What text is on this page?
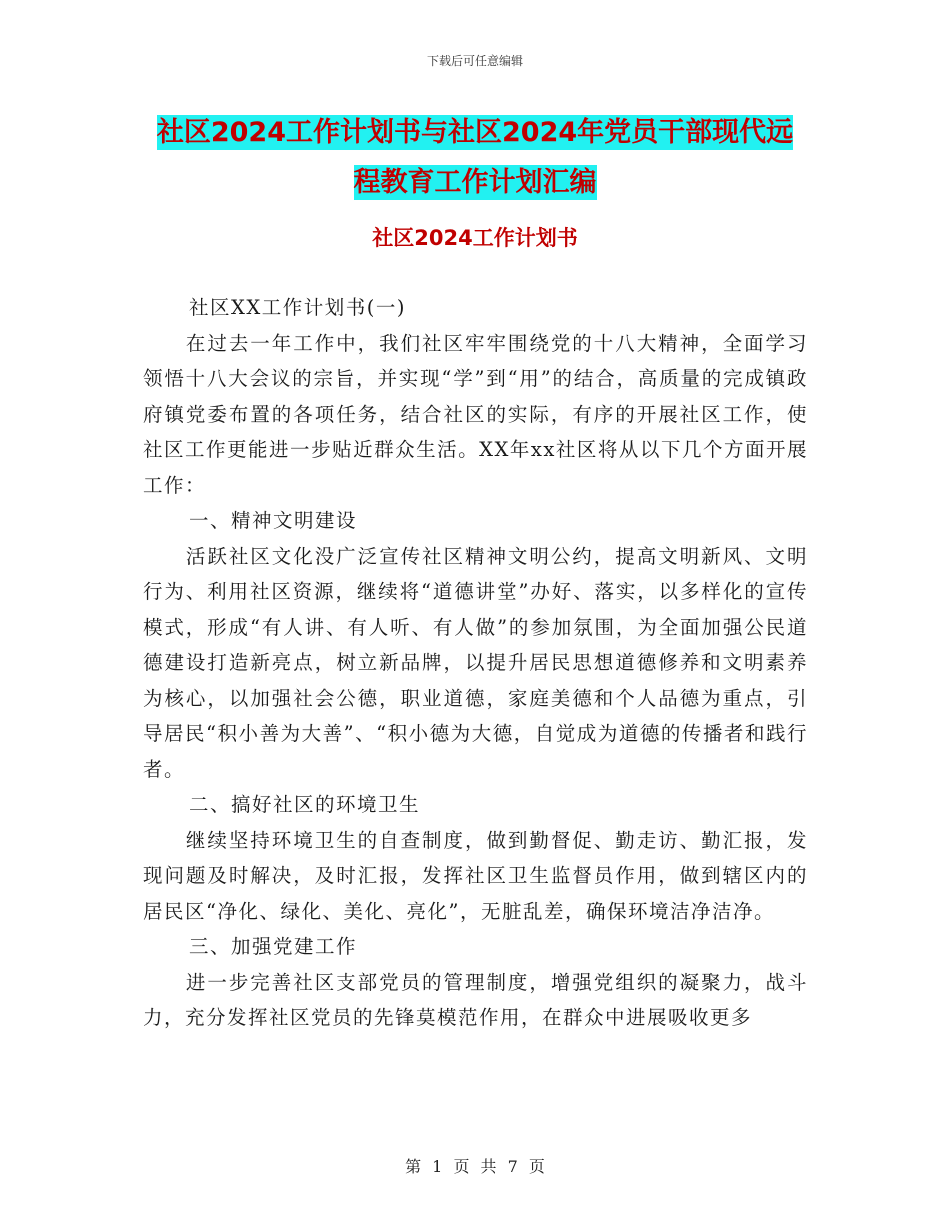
下载后可任意编辑
社区2024工作计划书与社区2024年党员干部现代远
程教育工作计划汇编
社区2024工作计划书

社区XX工作计划书(一)

在过去一年工作中，我们社区牢牢围绕党的十八大精神，全面学习领悟十八大会议的宗旨，并实现“学”到“用”的结合，高质量的完成镇政府镇党委布置的各项任务，结合社区的实际，有序的开展社区工作，使社区工作更能进一步贴近群众生活。XX年xx社区将从以下几个方面开展工作：

一、精神文明建设

活跃社区文化没广泛宣传社区精神文明公约，提高文明新风、文明行为、利用社区资源，继续将“道德讲堂”办好、落实，以多样化的宣传模式，形成“有人讲、有人听、有人做”的参加氛围，为全面加强公民道德建设打造新亮点，树立新品牌，以提升居民思想道德修养和文明素养为核心，以加强社会公德，职业道德，家庭美德和个人品德为重点，引导居民“积小善为大善”、“积小德为大德，自觉成为道德的传播者和践行者。

二、搞好社区的环境卫生

继续坚持环境卫生的自查制度，做到勤督促、勤走访、勤汇报，发现问题及时解决，及时汇报，发挥社区卫生监督员作用，做到辖区内的居民区“净化、绿化、美化、亮化”，无脏乱差，确保环境洁净洁净。

三、加强党建工作

进一步完善社区支部党员的管理制度，增强党组织的凝聚力，战斗力，充分发挥社区党员的先锋莫模范作用，在群众中进展吸收更多

第 1 页 共 7 页
